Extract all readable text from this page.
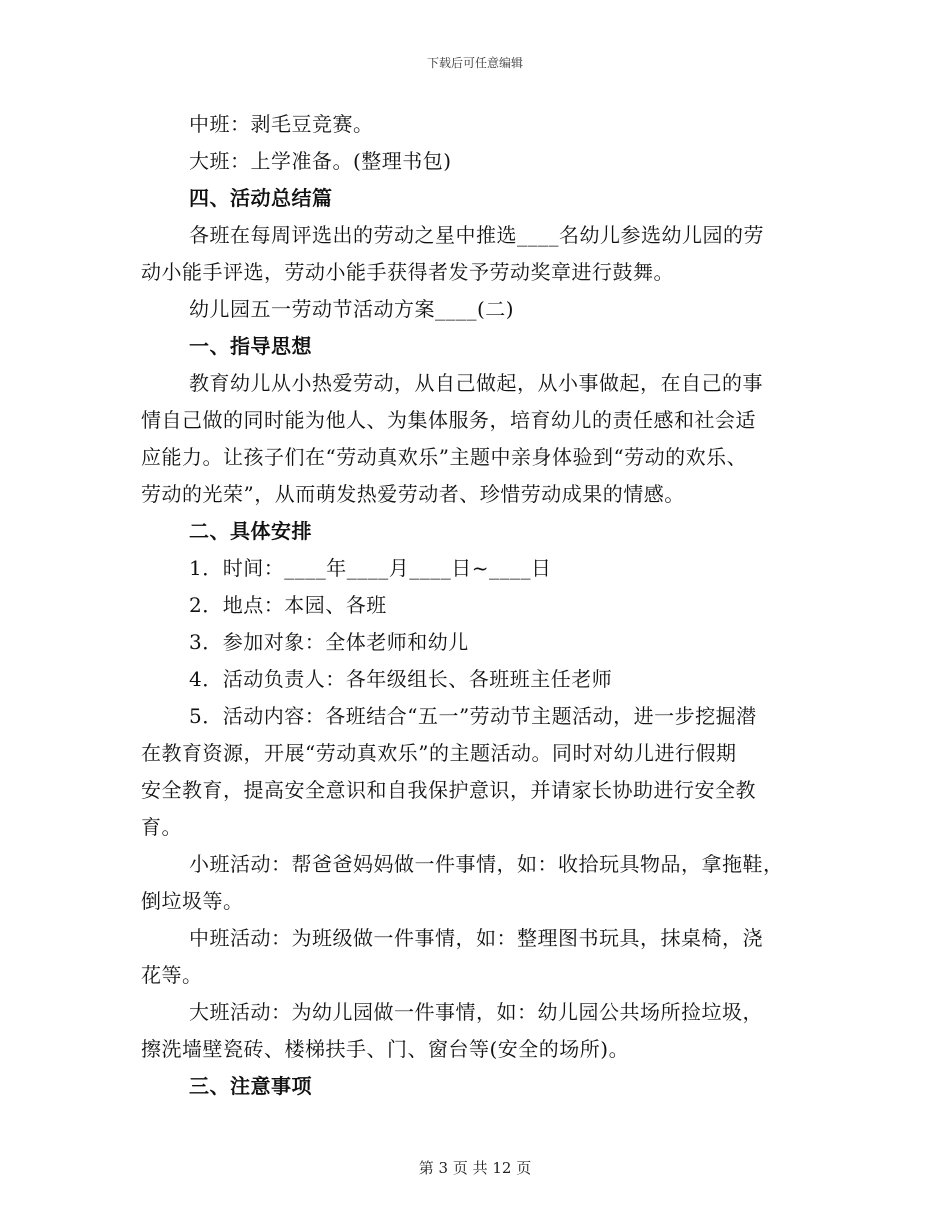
下载后可任意编辑
中班：剥毛豆竞赛。
大班：上学准备。(整理书包)
四、活动总结篇
各班在每周评选出的劳动之星中推选____名幼儿参选幼儿园的劳
动小能手评选，劳动小能手获得者发予劳动奖章进行鼓舞。
幼儿园五一劳动节活动方案____(二)
一、指导思想
教育幼儿从小热爱劳动，从自己做起，从小事做起，在自己的事
情自己做的同时能为他人、为集体服务，培育幼儿的责任感和社会适
应能力。让孩子们在“劳动真欢乐”主题中亲身体验到“劳动的欢乐、
劳动的光荣”，从而萌发热爱劳动者、珍惜劳动成果的情感。
二、具体安排
1．时间：____年____月____日~____日
2．地点：本园、各班
3．参加对象：全体老师和幼儿
4．活动负责人：各年级组长、各班班主任老师
5．活动内容：各班结合“五一”劳动节主题活动，进一步挖掘潜
在教育资源，开展“劳动真欢乐”的主题活动。同时对幼儿进行假期
安全教育，提高安全意识和自我保护意识，并请家长协助进行安全教
育。
小班活动：帮爸爸妈妈做一件事情，如：收拾玩具物品，拿拖鞋，
倒垃圾等。
中班活动：为班级做一件事情，如：整理图书玩具，抹桌椅，浇
花等。
大班活动：为幼儿园做一件事情，如：幼儿园公共场所捡垃圾，
擦洗墙壁瓷砖、楼梯扶手、门、窗台等(安全的场所)。
三、注意事项
第 3 页 共 12 页
